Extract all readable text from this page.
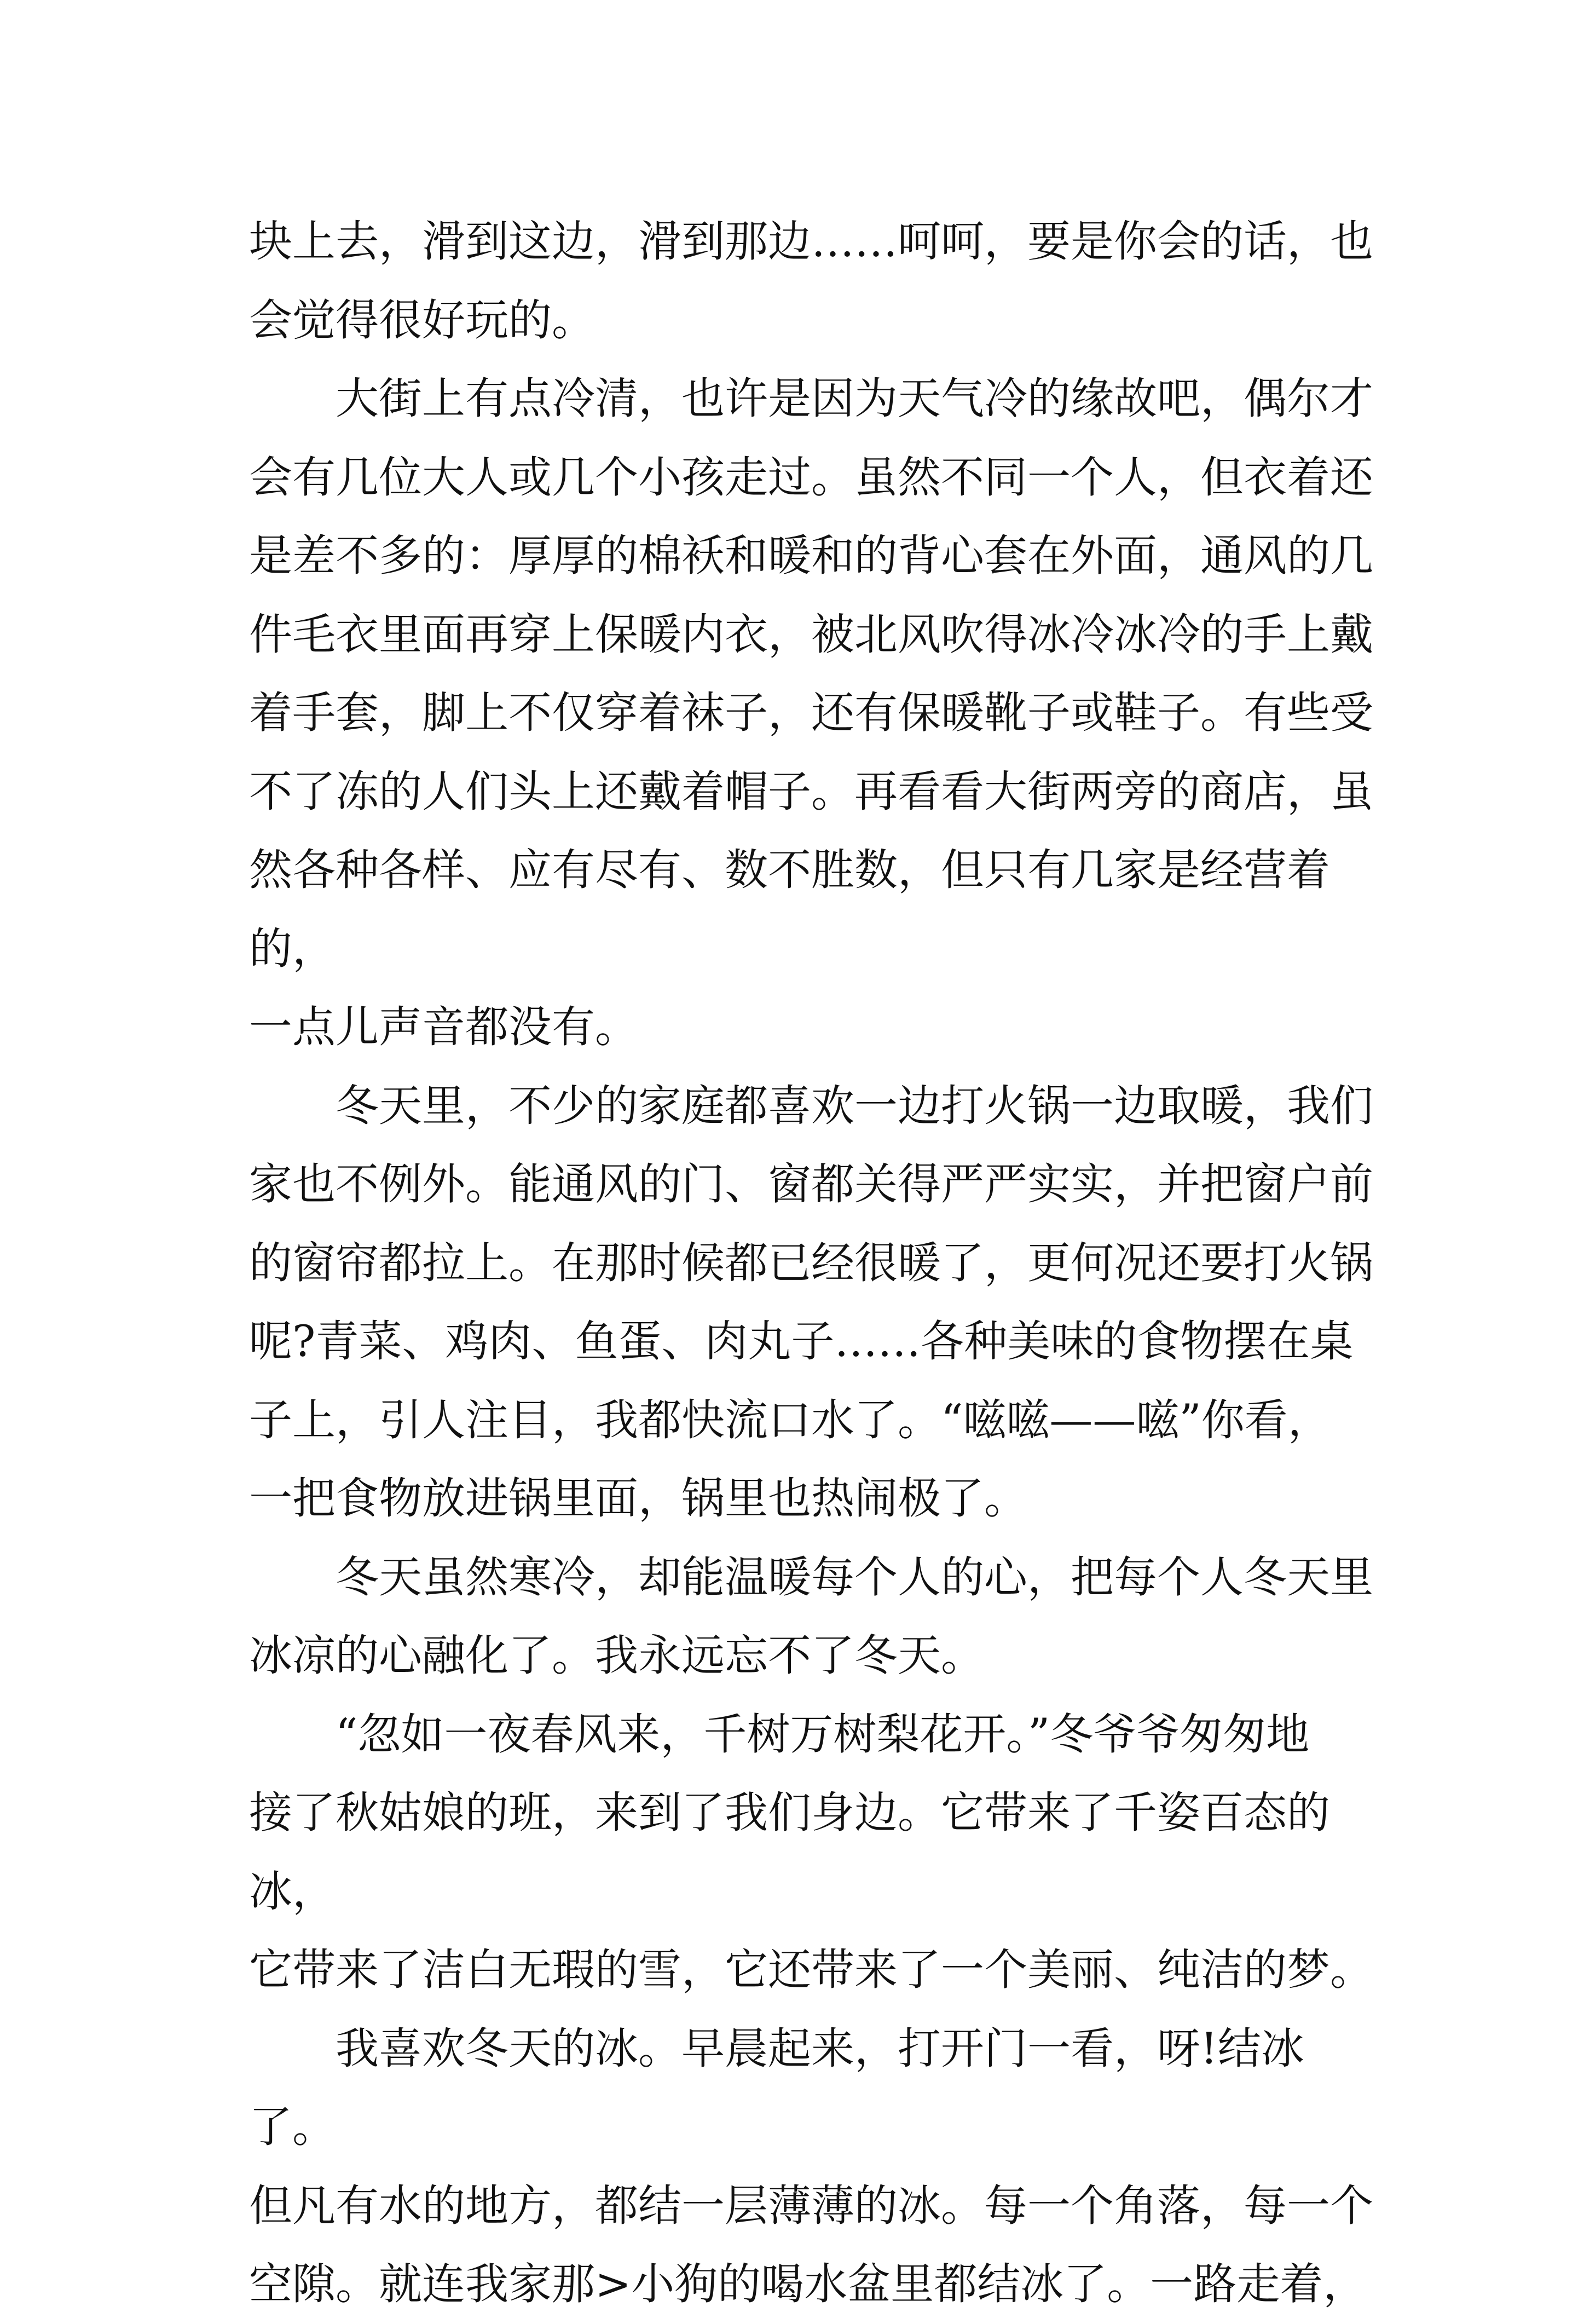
块上去，滑到这边，滑到那边……呵呵，要是你会的话，也
会觉得很好玩的。

　　大街上有点冷清，也许是因为天气冷的缘故吧，偶尔才
会有几位大人或几个小孩走过。虽然不同一个人，但衣着还
是差不多的：厚厚的棉袄和暖和的背心套在外面，通风的几
件毛衣里面再穿上保暖内衣，被北风吹得冰冷冰冷的手上戴
着手套，脚上不仅穿着袜子，还有保暖靴子或鞋子。有些受
不了冻的人们头上还戴着帽子。再看看大街两旁的商店，虽
然各种各样、应有尽有、数不胜数，但只有几家是经营着的，
一点儿声音都没有。

　　冬天里，不少的家庭都喜欢一边打火锅一边取暖，我们
家也不例外。能通风的门、窗都关得严严实实，并把窗户前
的窗帘都拉上。在那时候都已经很暖了，更何况还要打火锅
呢?青菜、鸡肉、鱼蛋、肉丸子……各种美味的食物摆在桌
子上，引人注目，我都快流口水了。“嗞嗞——嗞”你看，
一把食物放进锅里面，锅里也热闹极了。

　　冬天虽然寒冷，却能温暖每个人的心，把每个人冬天里
冰凉的心融化了。我永远忘不了冬天。

　　“忽如一夜春风来，千树万树梨花开。”冬爷爷匆匆地
接了秋姑娘的班，来到了我们身边。它带来了千姿百态的冰，
它带来了洁白无瑕的雪，它还带来了一个美丽、纯洁的梦。

　　我喜欢冬天的冰。早晨起来，打开门一看，呀!结冰了。
但凡有水的地方，都结一层薄薄的冰。每一个角落，每一个
空隙。就连我家那>小狗的喝水盆里都结冰了。一路走着，
